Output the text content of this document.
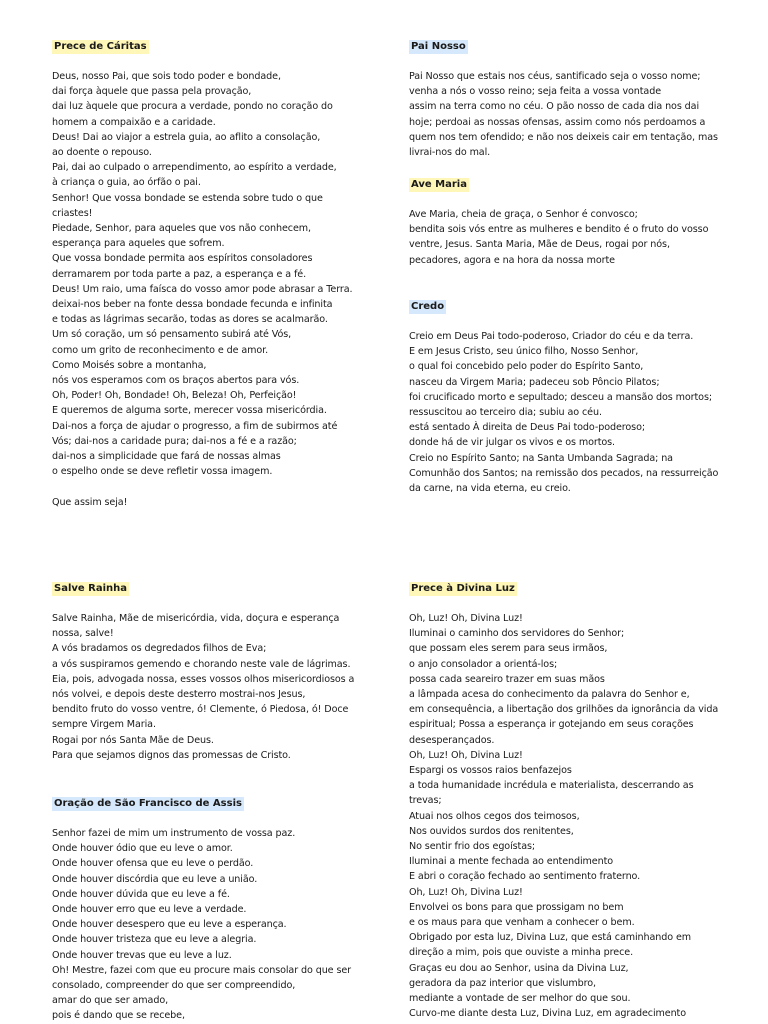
Prece de Cáritas
Deus, nosso Pai, que sois todo poder e bondade,
dai força àquele que passa pela provação,
dai luz àquele que procura a verdade, pondo no coração do
homem a compaixão e a caridade.
Deus! Dai ao viajor a estrela guia, ao aflito a consolação,
ao doente o repouso.
Pai, dai ao culpado o arrependimento, ao espírito a verdade,
à criança o guia, ao órfão o pai.
Senhor! Que vossa bondade se estenda sobre tudo o que
criastes!
Piedade, Senhor, para aqueles que vos não conhecem,
esperança para aqueles que sofrem.
Que vossa bondade permita aos espíritos consoladores
derramarem por toda parte a paz, a esperança e a fé.
Deus! Um raio, uma faísca do vosso amor pode abrasar a Terra.
deixai-nos beber na fonte dessa bondade fecunda e infinita
e todas as lágrimas secarão, todas as dores se acalmarão.
Um só coração, um só pensamento subirá até Vós,
como um grito de reconhecimento e de amor.
Como Moisés sobre a montanha,
nós vos esperamos com os braços abertos para vós.
Oh, Poder! Oh, Bondade! Oh, Beleza! Oh, Perfeição!
E queremos de alguma sorte, merecer vossa misericórdia.
Dai-nos a força de ajudar o progresso, a fim de subirmos até
Vós; dai-nos a caridade pura; dai-nos a fé e a razão;
dai-nos a simplicidade que fará de nossas almas
o espelho onde se deve refletir vossa imagem.
Que assim seja!
Salve Rainha
Salve Rainha, Mãe de misericórdia, vida, doçura e esperança
nossa, salve!
A vós bradamos os degredados filhos de Eva;
a vós suspiramos gemendo e chorando neste vale de lágrimas.
Eia, pois, advogada nossa, esses vossos olhos misericordiosos a
nós volvei, e depois deste desterro mostrai-nos Jesus,
bendito fruto do vosso ventre, ó! Clemente, ó Piedosa, ó! Doce
sempre Virgem Maria.
Rogai por nós Santa Mãe de Deus.
Para que sejamos dignos das promessas de Cristo.
Oração de São Francisco de Assis
Senhor fazei de mim um instrumento de vossa paz.
Onde houver ódio que eu leve o amor.
Onde houver ofensa que eu leve o perdão.
Onde houver discórdia que eu leve a união.
Onde houver dúvida que eu leve a fé.
Onde houver erro que eu leve a verdade.
Onde houver desespero que eu leve a esperança.
Onde houver tristeza que eu leve a alegria.
Onde houver trevas que eu leve a luz.
Oh! Mestre, fazei com que eu procure mais consolar do que ser
consolado, compreender do que ser compreendido,
amar do que ser amado,
pois é dando que se recebe,
Pai Nosso
Pai Nosso que estais nos céus, santificado seja o vosso nome;
venha a nós o vosso reino; seja feita a vossa vontade
assim na terra como no céu. O pão nosso de cada dia nos dai
hoje; perdoai as nossas ofensas, assim como nós perdoamos a
quem nos tem ofendido; e não nos deixeis cair em tentação, mas
livrai-nos do mal.
Ave Maria
Ave Maria, cheia de graça, o Senhor é convosco;
bendita sois vós entre as mulheres e bendito é o fruto do vosso
ventre, Jesus. Santa Maria, Mãe de Deus, rogai por nós,
pecadores, agora e na hora da nossa morte
Credo
Creio em Deus Pai todo-poderoso, Criador do céu e da terra.
E em Jesus Cristo, seu único filho, Nosso Senhor,
o qual foi concebido pelo poder do Espírito Santo,
nasceu da Virgem Maria; padeceu sob Pôncio Pilatos;
foi crucificado morto e sepultado; desceu a mansão dos mortos;
ressuscitou ao terceiro dia; subiu ao céu.
está sentado À direita de Deus Pai todo-poderoso;
donde há de vir julgar os vivos e os mortos.
Creio no Espírito Santo; na Santa Umbanda Sagrada; na
Comunhão dos Santos; na remissão dos pecados, na ressurreição
da carne, na vida eterna, eu creio.
Prece à Divina Luz
Oh, Luz! Oh, Divina Luz!
Iluminai o caminho dos servidores do Senhor;
que possam eles serem para seus irmãos,
o anjo consolador a orientá-los;
possa cada seareiro trazer em suas mãos
a lâmpada acesa do conhecimento da palavra do Senhor e,
em consequência, a libertação dos grilhões da ignorância da vida
espiritual; Possa a esperança ir gotejando em seus corações
desesperançados.
Oh, Luz! Oh, Divina Luz!
Espargi os vossos raios benfazejos
a toda humanidade incrédula e materialista, descerrando as
trevas;
Atuai nos olhos cegos dos teimosos,
Nos ouvidos surdos dos renitentes,
No sentir frio dos egoístas;
Iluminai a mente fechada ao entendimento
E abri o coração fechado ao sentimento fraterno.
Oh, Luz! Oh, Divina Luz!
Envolvei os bons para que prossigam no bem
e os maus para que venham a conhecer o bem.
Obrigado por esta luz, Divina Luz, que está caminhando em
direção a mim, pois que ouviste a minha prece.
Graças eu dou ao Senhor, usina da Divina Luz,
geradora da paz interior que vislumbro,
mediante a vontade de ser melhor do que sou.
Curvo-me diante desta Luz, Divina Luz, em agradecimento
